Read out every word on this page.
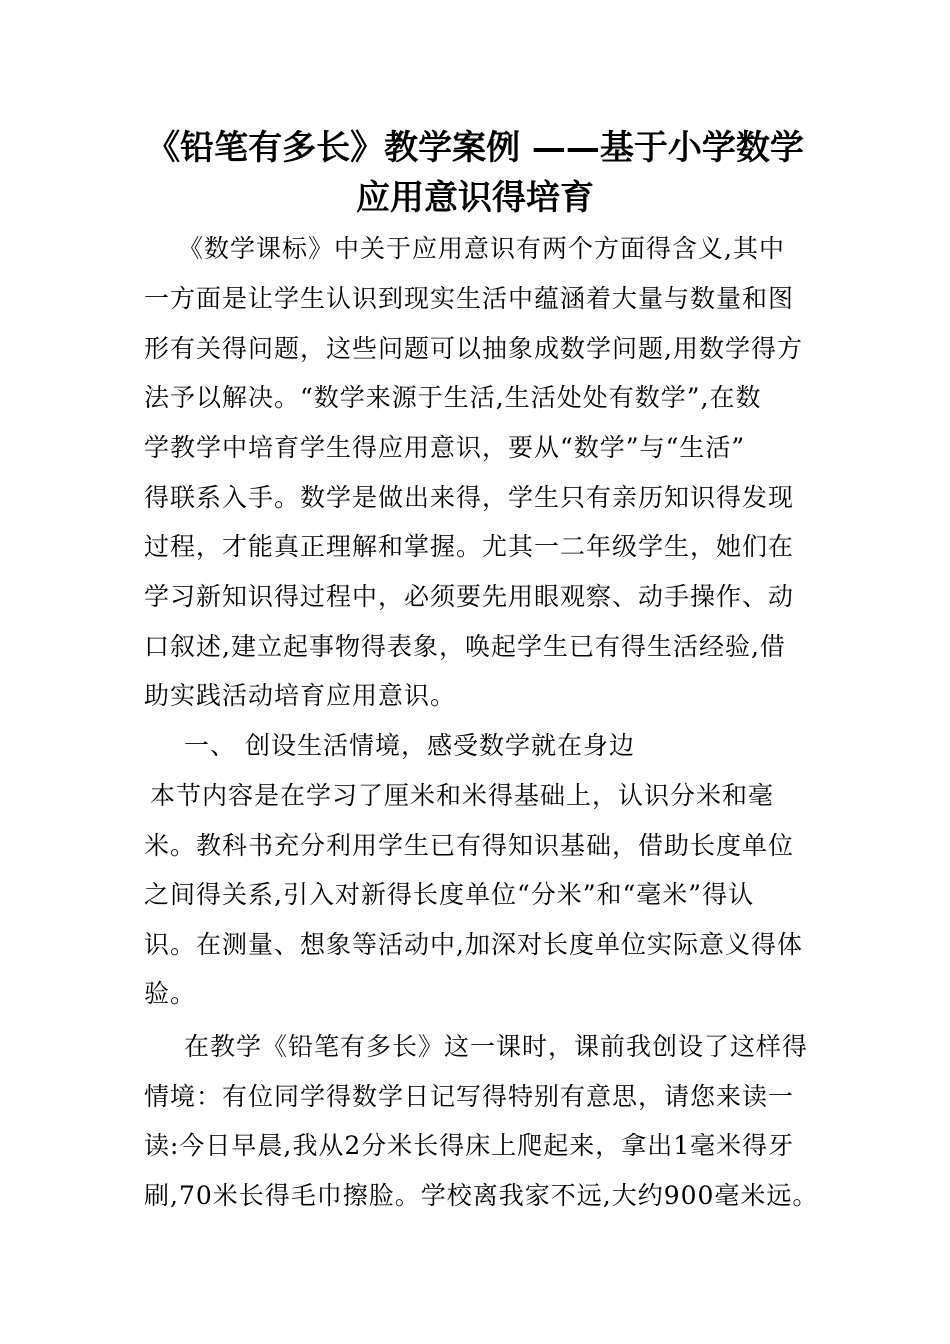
《铅笔有多长》教学案例 ——基于小学数学
应用意识得培育
《数学课标》中关于应用意识有两个方面得含义,其中
一方面是让学生认识到现实生活中蕴涵着大量与数量和图
形有关得问题，这些问题可以抽象成数学问题,用数学得方
法予以解决。“数学来源于生活,生活处处有数学”,在数
学教学中培育学生得应用意识，要从“数学”与“生活”
得联系入手。数学是做出来得，学生只有亲历知识得发现
过程，才能真正理解和掌握。尤其一二年级学生，她们在
学习新知识得过程中，必须要先用眼观察、动手操作、动
口叙述,建立起事物得表象，唤起学生已有得生活经验,借
助实践活动培育应用意识。
一、 创设生活情境，感受数学就在身边
本节内容是在学习了厘米和米得基础上，认识分米和毫
米。教科书充分利用学生已有得知识基础，借助长度单位
之间得关系,引入对新得长度单位“分米”和“毫米”得认
识。在测量、想象等活动中,加深对长度单位实际意义得体
验。
在教学《铅笔有多长》这一课时，课前我创设了这样得
情境：有位同学得数学日记写得特别有意思，请您来读一
读:今日早晨,我从2分米长得床上爬起来，拿出1毫米得牙
刷,70米长得毛巾擦脸。学校离我家不远,大约900毫米远。
